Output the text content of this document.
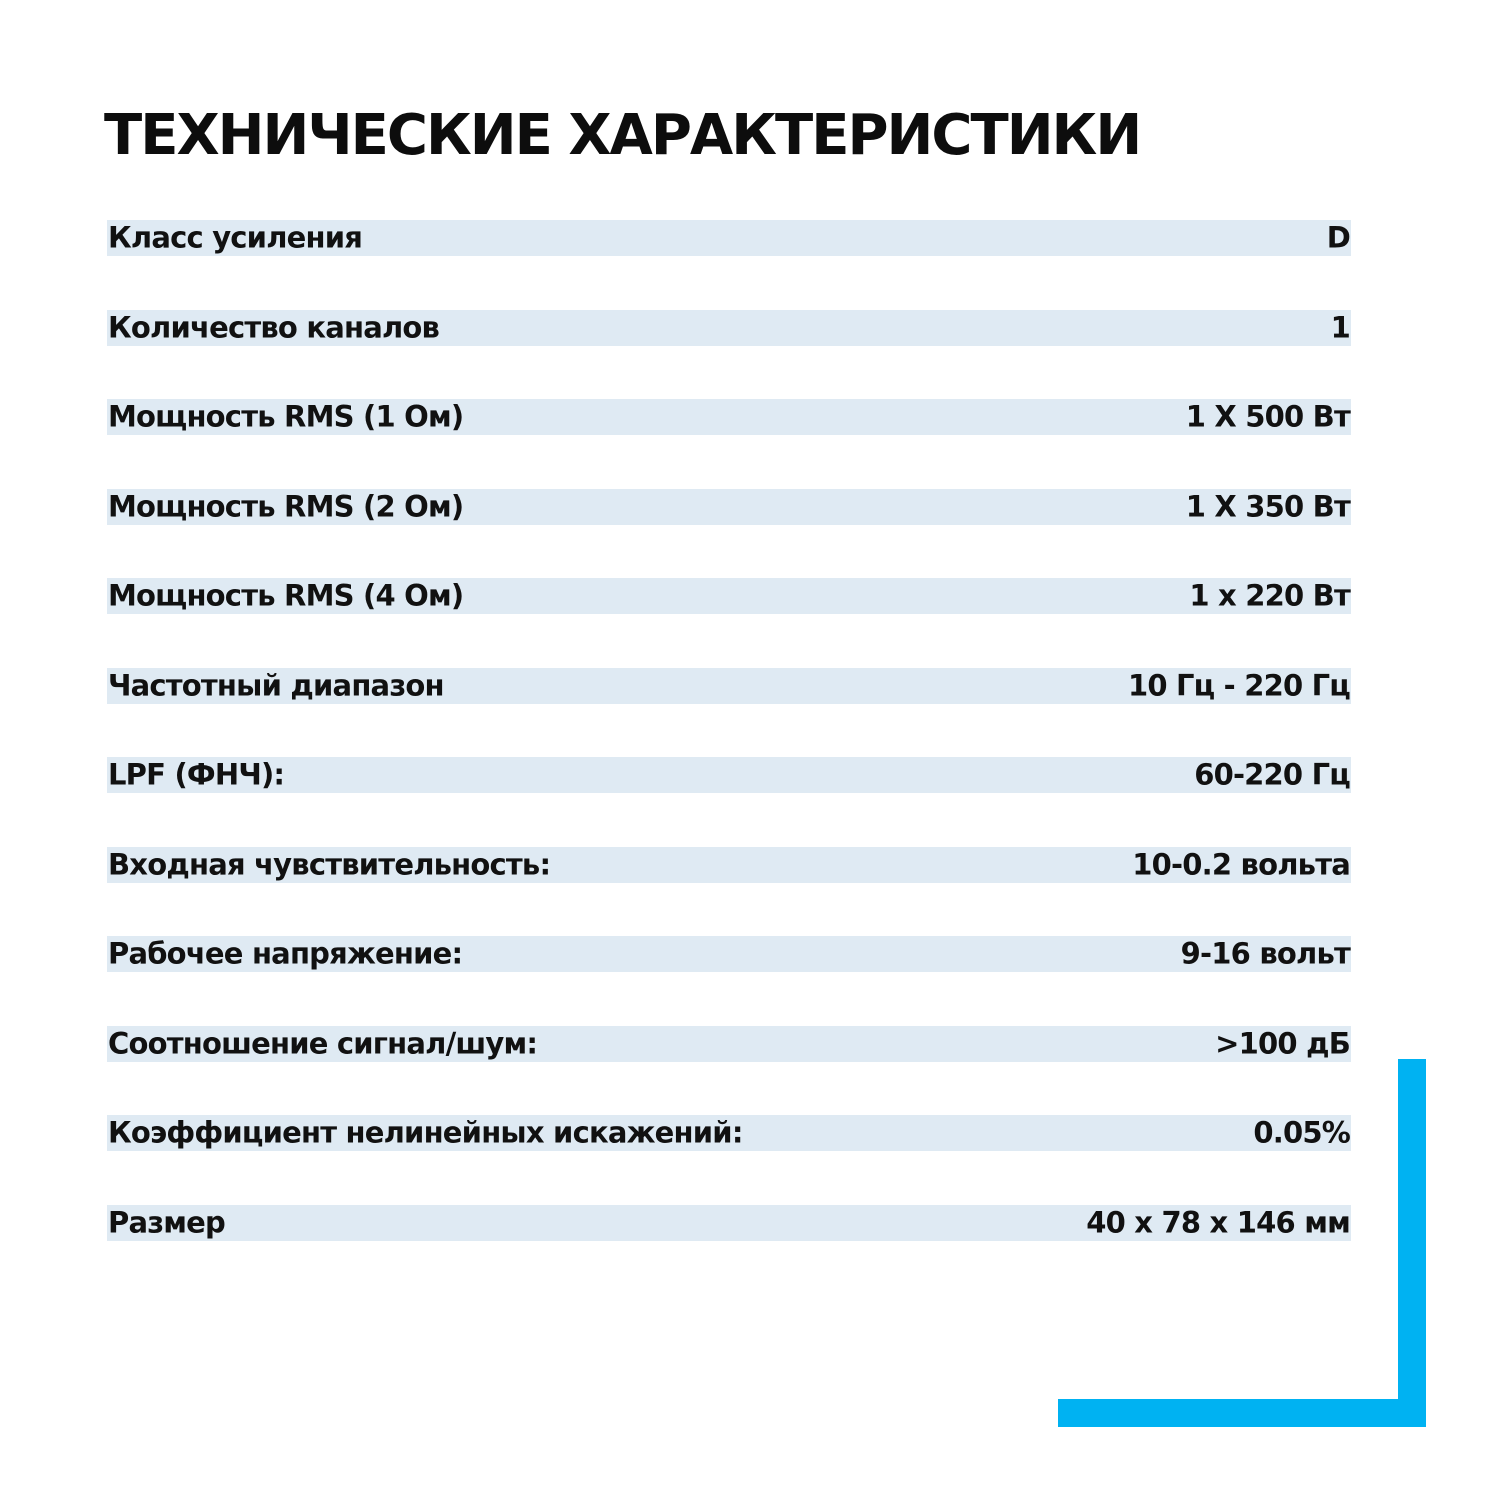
ТЕХНИЧЕСКИЕ ХАРАКТЕРИСТИКИ
Класс усиления	D
Количество каналов	1
Мощность RMS (1 Ом)	1 X 500 Вт
Мощность RMS (2 Ом)	1 X 350 Вт
Мощность RMS (4 Ом)	1 x 220 Вт
Частотный диапазон	10 Гц - 220 Гц
LPF (ФНЧ):	60-220 Гц
Входная чувствительность:	10-0.2 вольта
Рабочее напряжение:	9-16 вольт
Соотношение сигнал/шум:	>100 дБ
Коэффициент нелинейных искажений:	0.05%
Размер	40 x 78 x 146 мм
